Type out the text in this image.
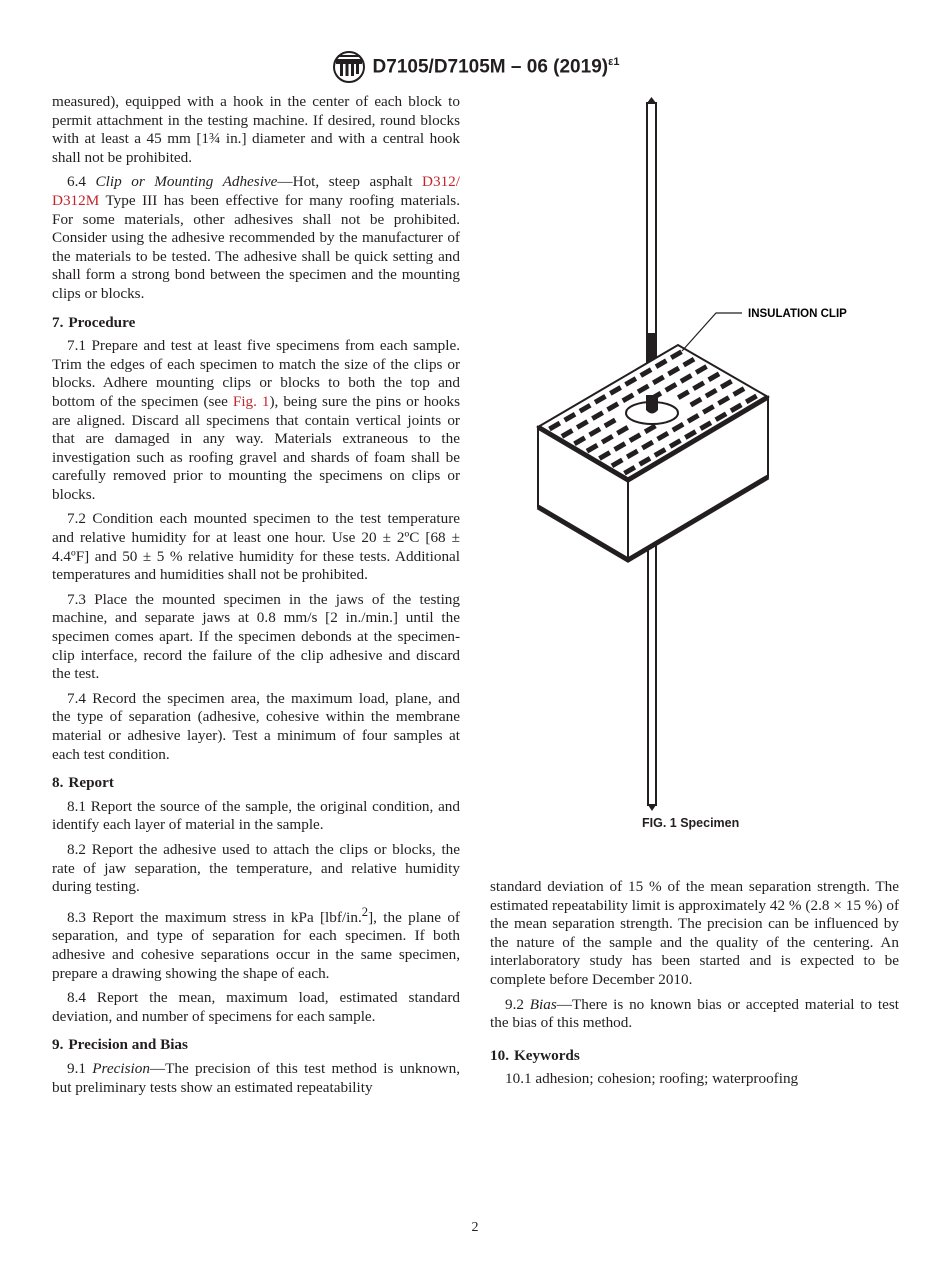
D7105/D7105M – 06 $(2019)^{\varepsilon 1}$

measured), equipped with a hook in the center of each block to permit attachment in the testing machine. If desired, round blocks with at least a 45 mm [1¾ in.] diameter and with a central hook shall not be prohibited.

6.4 Clip or Mounting Adhesive—Hot, steep asphalt D312/ D312M Type III has been effective for many roofing materials. For some materials, other adhesives shall not be prohibited. Consider using the adhesive recommended by the manufacturer of the materials to be tested. The adhesive shall be quick setting and shall form a strong bond between the specimen and the mounting clips or blocks.

7. Procedure

7.1 Prepare and test at least five specimens from each sample. Trim the edges of each specimen to match the size of the clips or blocks. Adhere mounting clips or blocks to both the top and bottom of the specimen (see Fig. 1), being sure the pins or hooks are aligned. Discard all specimens that contain vertical joints or that are damaged in any way. Materials extraneous to the investigation such as roofing gravel and shards of foam shall be carefully removed prior to mounting the specimens on clips or blocks.

7.2 Condition each mounted specimen to the test temperature and relative humidity for at least one hour. Use 20 ± 2ºC [68 ± 4.4ºF] and 50 ± 5 % relative humidity for these tests. Additional temperatures and humidities shall not be prohibited.

7.3 Place the mounted specimen in the jaws of the testing machine, and separate jaws at 0.8 mm/s [2 in./min.] until the specimen comes apart. If the specimen debonds at the specimen-clip interface, record the failure of the clip adhesive and discard the test.

7.4 Record the specimen area, the maximum load, plane, and the type of separation (adhesive, cohesive within the membrane material or adhesive layer). Test a minimum of four samples at each test condition.

8. Report

8.1 Report the source of the sample, the original condition, and identify each layer of material in the sample.

8.2 Report the adhesive used to attach the clips or blocks, the rate of jaw separation, the temperature, and relative humidity during testing.

8.3 Report the maximum stress in kPa [lbf/in.$^2$], the plane of separation, and type of separation for each specimen. If both adhesive and cohesive separations occur in the same specimen, prepare a drawing showing the shape of each.

8.4 Report the mean, maximum load, estimated standard deviation, and number of specimens for each sample.

9. Precision and Bias

9.1 Precision—The precision of this test method is unknown, but preliminary tests show an estimated repeatability

INSULATION CLIP
FIG. 1 Specimen

standard deviation of 15 % of the mean separation strength. The estimated repeatability limit is approximately 42 % (2.8 × 15 %) of the mean separation strength. The precision can be influenced by the nature of the sample and the quality of the centering. An interlaboratory study has been started and is expected to be complete before December 2010.

9.2 Bias—There is no known bias or accepted material to test the bias of this method.

10. Keywords

10.1 adhesion; cohesion; roofing; waterproofing

2
